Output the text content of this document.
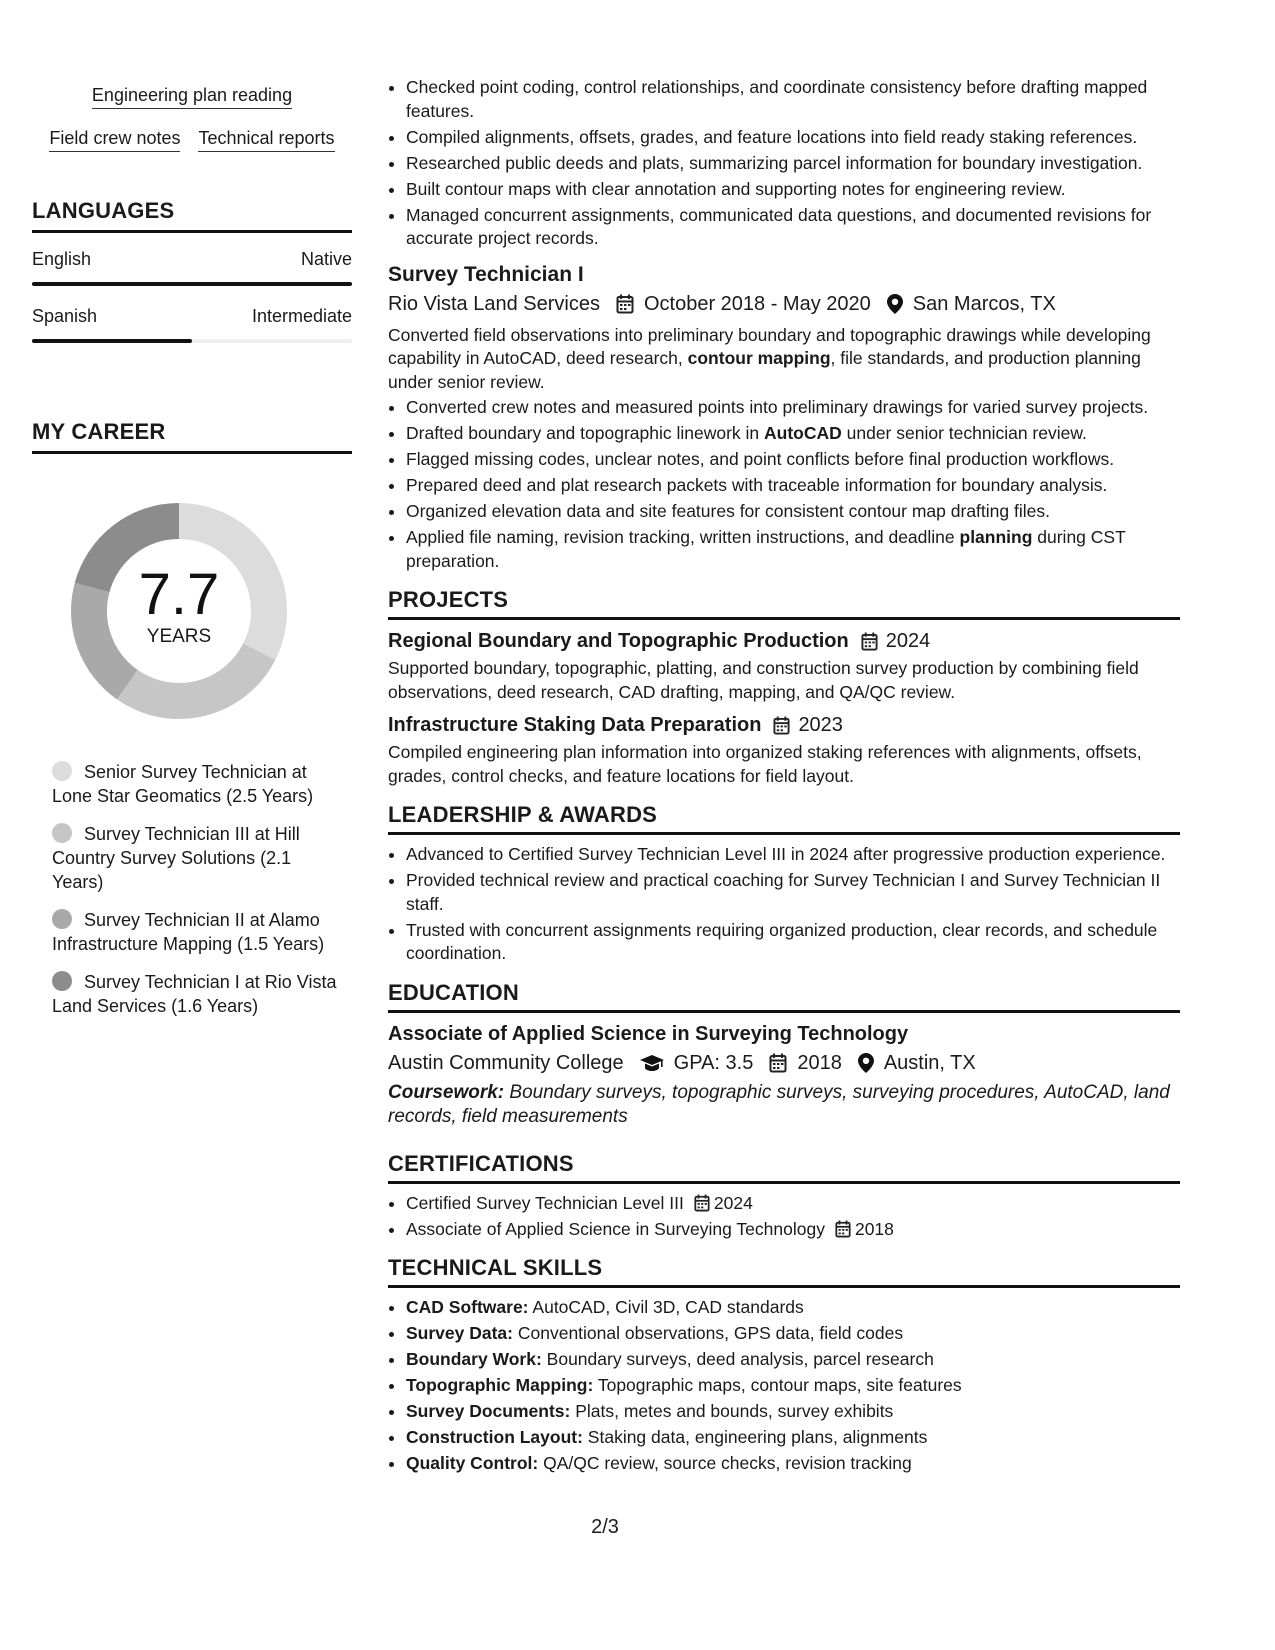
Engineering plan reading
Field crew notes Technical reports
LANGUAGES
English	Native
Spanish	Intermediate
MY CAREER
7.7
YEARS
Senior Survey Technician at Lone Star Geomatics (2.5 Years)
Survey Technician III at Hill Country Survey Solutions (2.1 Years)
Survey Technician II at Alamo Infrastructure Mapping (1.5 Years)
Survey Technician I at Rio Vista Land Services (1.6 Years)
• Checked point coding, control relationships, and coordinate consistency before drafting mapped features.
• Compiled alignments, offsets, grades, and feature locations into field ready staking references.
• Researched public deeds and plats, summarizing parcel information for boundary investigation.
• Built contour maps with clear annotation and supporting notes for engineering review.
• Managed concurrent assignments, communicated data questions, and documented revisions for accurate project records.
Survey Technician I
Rio Vista Land Services October 2018 - May 2020 San Marcos, TX
Converted field observations into preliminary boundary and topographic drawings while developing capability in AutoCAD, deed research, contour mapping, file standards, and production planning under senior review.
• Converted crew notes and measured points into preliminary drawings for varied survey projects.
• Drafted boundary and topographic linework in AutoCAD under senior technician review.
• Flagged missing codes, unclear notes, and point conflicts before final production workflows.
• Prepared deed and plat research packets with traceable information for boundary analysis.
• Organized elevation data and site features for consistent contour map drafting files.
• Applied file naming, revision tracking, written instructions, and deadline planning during CST preparation.
PROJECTS
Regional Boundary and Topographic Production 2024
Supported boundary, topographic, platting, and construction survey production by combining field observations, deed research, CAD drafting, mapping, and QA/QC review.
Infrastructure Staking Data Preparation 2023
Compiled engineering plan information into organized staking references with alignments, offsets, grades, control checks, and feature locations for field layout.
LEADERSHIP & AWARDS
• Advanced to Certified Survey Technician Level III in 2024 after progressive production experience.
• Provided technical review and practical coaching for Survey Technician I and Survey Technician II staff.
• Trusted with concurrent assignments requiring organized production, clear records, and schedule coordination.
EDUCATION
Associate of Applied Science in Surveying Technology
Austin Community College	GPA: 3.5 2018 Austin, TX
Coursework: Boundary surveys, topographic surveys, surveying procedures, AutoCAD, land records, field measurements
CERTIFICATIONS
• Certified Survey Technician Level III 2024
• Associate of Applied Science in Surveying Technology 2018
TECHNICAL SKILLS
• CAD Software: AutoCAD, Civil 3D, CAD standards
• Survey Data: Conventional observations, GPS data, field codes
• Boundary Work: Boundary surveys, deed analysis, parcel research
• Topographic Mapping: Topographic maps, contour maps, site features
• Survey Documents: Plats, metes and bounds, survey exhibits
• Construction Layout: Staking data, engineering plans, alignments
• Quality Control: QA/QC review, source checks, revision tracking
2/3
